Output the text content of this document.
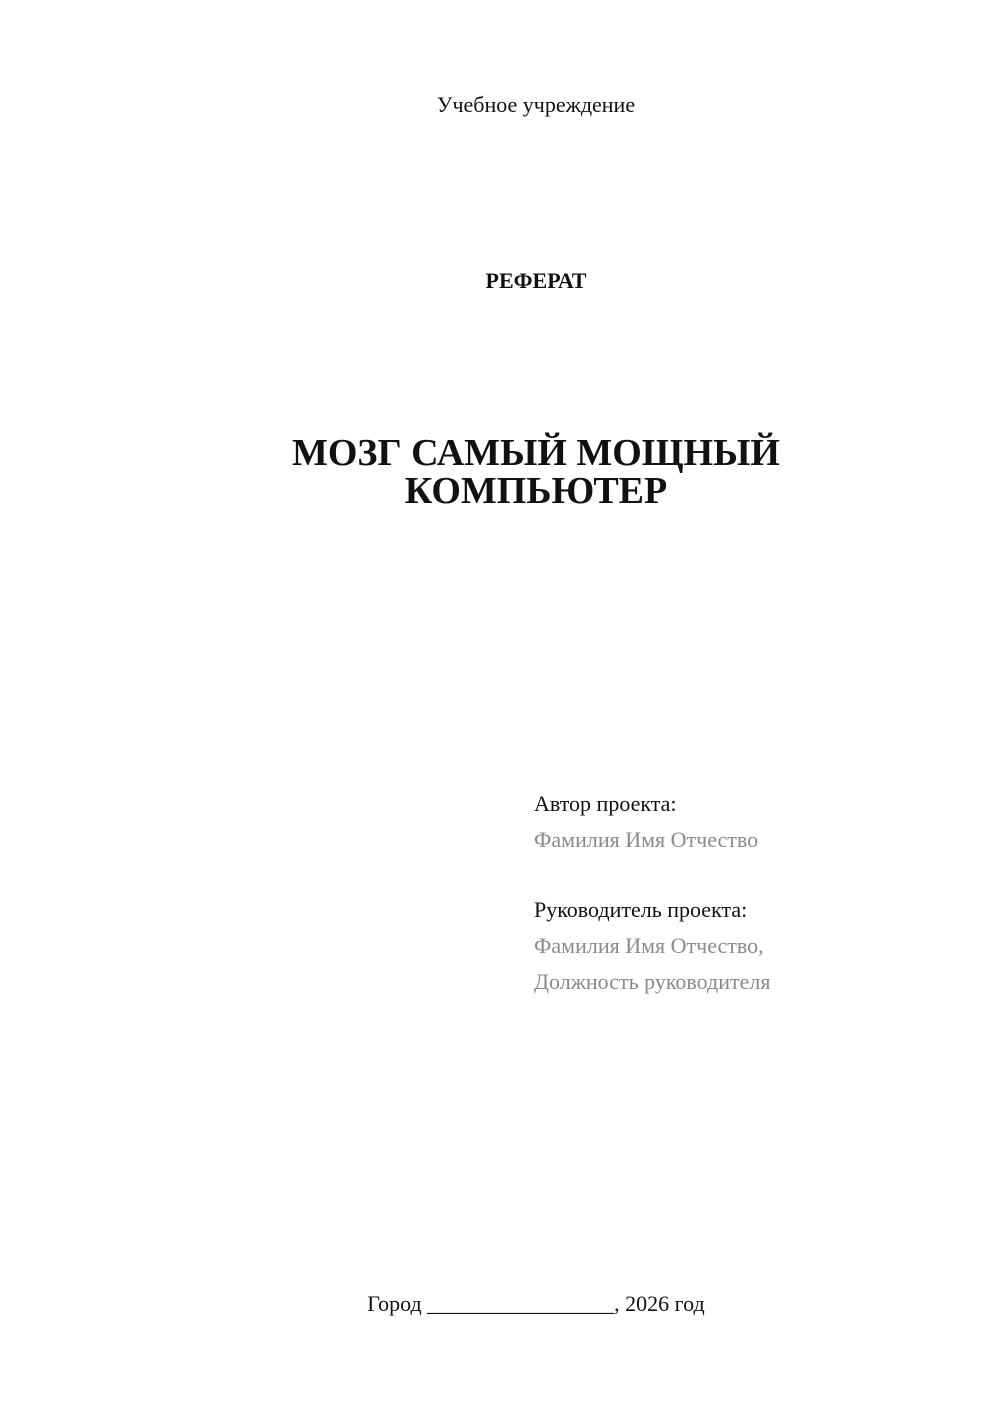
Учебное учреждение
РЕФЕРАТ
МОЗГ САМЫЙ МОЩНЫЙ
КОМПЬЮТЕР
Автор проекта:
Фамилия Имя Отчество
Руководитель проекта:
Фамилия Имя Отчество,
Должность руководителя
Город _________________, 2026 год
